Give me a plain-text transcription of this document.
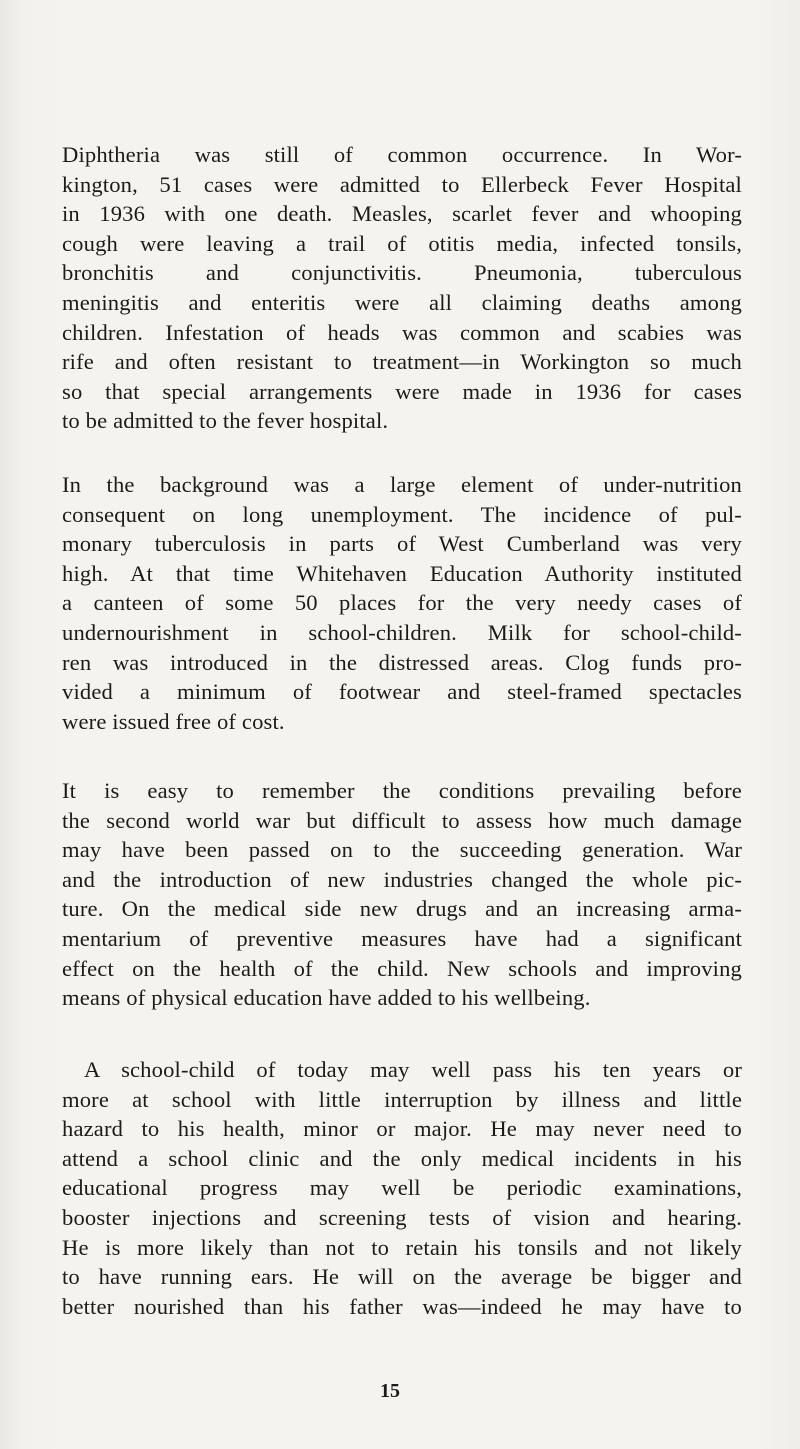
Diphtheria was still of common occurrence. In Wor-
kington, 51 cases were admitted to Ellerbeck Fever Hospital
in 1936 with one death. Measles, scarlet fever and whooping
cough were leaving a trail of otitis media, infected tonsils,
bronchitis and conjunctivitis. Pneumonia, tuberculous
meningitis and enteritis were all claiming deaths among
children. Infestation of heads was common and scabies was
rife and often resistant to treatment—in Workington so much
so that special arrangements were made in 1936 for cases
to be admitted to the fever hospital.

In the background was a large element of under-nutrition
consequent on long unemployment. The incidence of pul-
monary tuberculosis in parts of West Cumberland was very
high. At that time Whitehaven Education Authority instituted
a canteen of some 50 places for the very needy cases of
undernourishment in school-children. Milk for school-child-
ren was introduced in the distressed areas. Clog funds pro-
vided a minimum of footwear and steel-framed spectacles
were issued free of cost.

It is easy to remember the conditions prevailing before
the second world war but difficult to assess how much damage
may have been passed on to the succeeding generation. War
and the introduction of new industries changed the whole pic-
ture. On the medical side new drugs and an increasing arma-
mentarium of preventive measures have had a significant
effect on the health of the child. New schools and improving
means of physical education have added to his wellbeing.

A school-child of today may well pass his ten years or
more at school with little interruption by illness and little
hazard to his health, minor or major. He may never need to
attend a school clinic and the only medical incidents in his
educational progress may well be periodic examinations,
booster injections and screening tests of vision and hearing.
He is more likely than not to retain his tonsils and not likely
to have running ears. He will on the average be bigger and
better nourished than his father was—indeed he may have to

15
